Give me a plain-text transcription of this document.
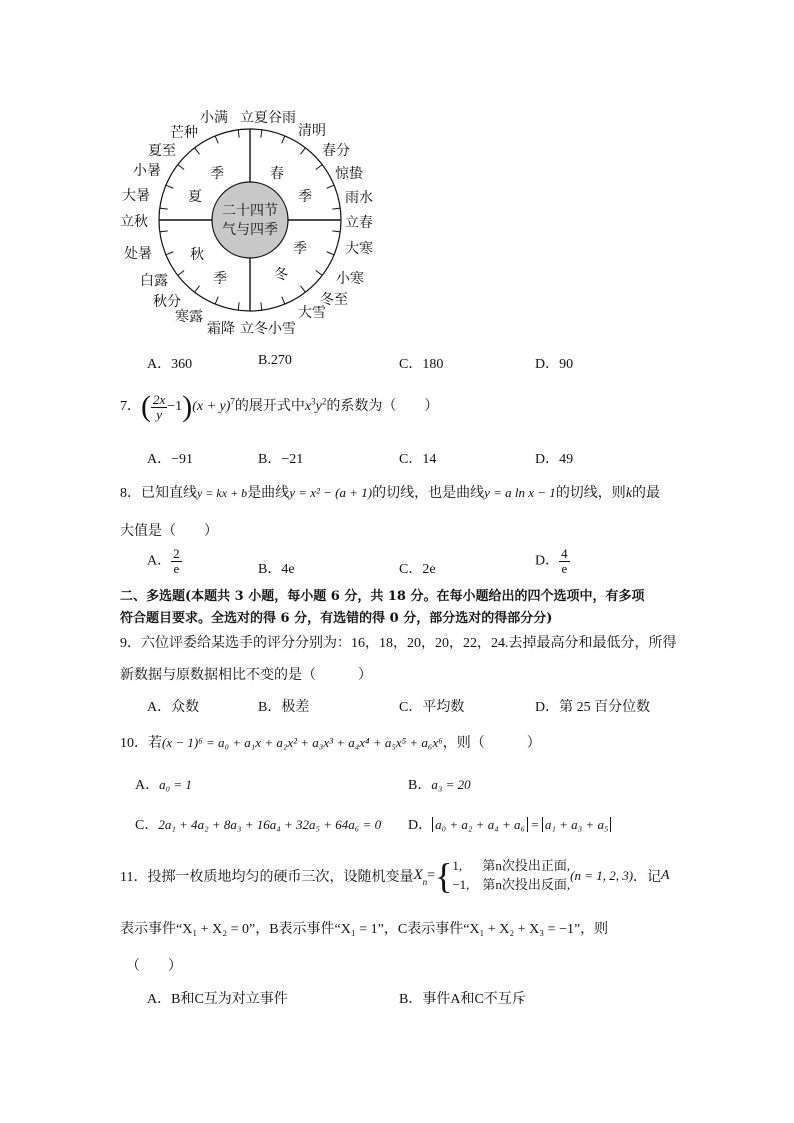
二十四节
气与四季
春
季
夏
季
秋
季	冬
季
小满 立夏 谷雨
清明
春分
惊蛰
雨水
立春
大寒
小寒
冬至
大雪
小雪
立冬
霜降
寒露
秋分
白露
处暑
立秋
大暑
小暑
夏至
芒种
A．360	B.270	C．180	D．90
7．( $\frac{2x}{y} -1)(x + y)^7$的展开式中$x^3y^2$的系数为（　　）
A．−91	B．−21	C．14	D．49
8．已知直线y = kx + b是曲线y = x² − (a + 1)的切线，也是曲线y = a ln x − 1的切线，则k的最
大值是（　　）
A． $\frac{2}{e}$	B．4e	C．2e
D． $\frac{4}{e}$
二、多选题(本题共 3 小题，每小题 6 分，共 18 分。在每小题给出的四个选项中，有多项
符合题目要求。全选对的得 6 分，有选错的得 0 分，部分选对的得部分分)
9．六位评委给某选手的评分分别为：16，18，20，20，22，24.去掉最高分和最低分，所得
新数据与原数据相比不变的是（　　　）
A．众数	B．极差	C．平均数	D．第 25 百分位数
10．若(x − 1)⁶ = a₀ + a₁x + a₂x² + a₃x³ + a₄x⁴ + a₅x⁵ + a₆x⁶，则（　　　）
A．a₀ = 1	B．a₃ = 20
C．2a₁ + 4a₂ + 8a₃ + 16a₄ + 32a₅ + 64a₆ = 0 D． a₀ + a₂ + a₄ + a₆ = a₁ + a₃ + a₅
11．投掷一枚质地均匀的硬币三次，设随机变量$X_n=${ 1, 第n次投出正面,
−1, 第n次投出反面,
(n = 1, 2, 3)．记A
表示事件“X₁ + X₂ = 0”，B表示事件“X₁ = 1”，C表示事件“X₁ + X₂ + X₃ = −1”，则
（　　）
A．B和C互为对立事件	B．事件A和C不互斥
